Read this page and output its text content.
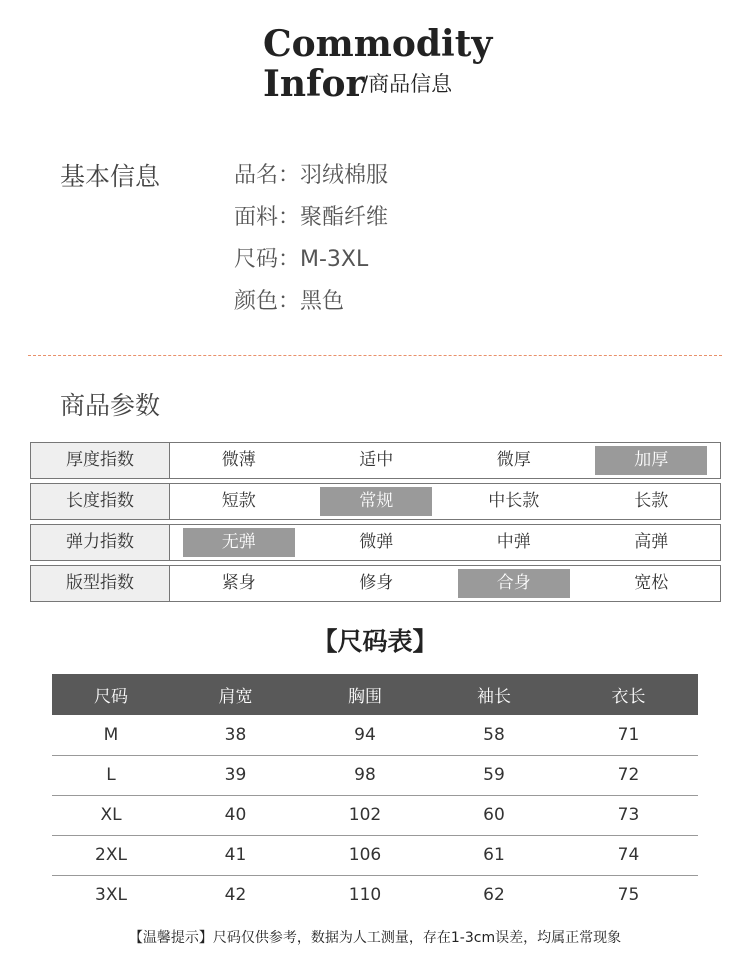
Commodity
Infor
/商品信息
基本信息	品名：羽绒棉服
面料：聚酯纤维
尺码：M-3XL
颜色：黑色
商品参数
厚度指数	微薄	适中	微厚	加厚
长度指数	短款	常规	中长款	长款
弹力指数	无弹	微弹	中弹	高弹
版型指数	紧身	修身	合身	宽松
【尺码表】
尺码	肩宽	胸围	袖长	衣长
M	38	94	58	71
L	39	98	59	72
XL	40	102	60	73
2XL	41	106	61	74
3XL	42	110	62	75
【温馨提示】尺码仅供参考，数据为人工测量，存在1-3cm误差，均属正常现象
